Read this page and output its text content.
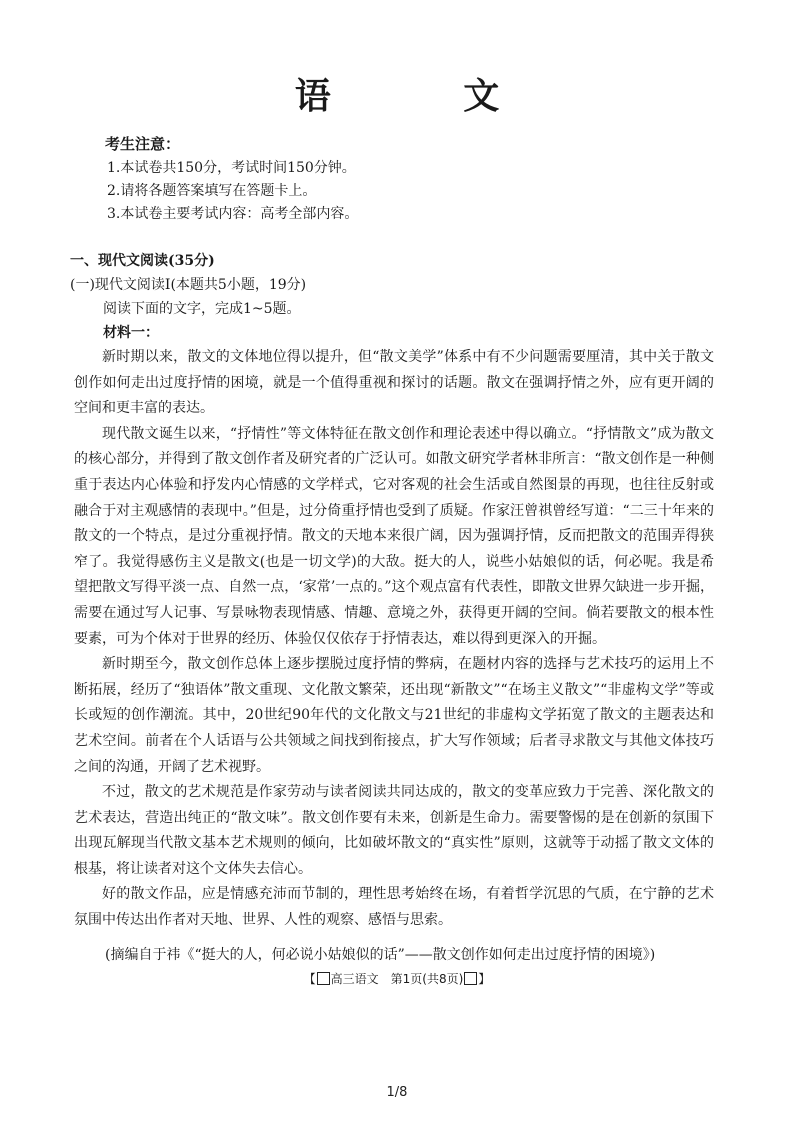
语 文
考生注意：
1.本试卷共150分，考试时间150分钟。
2.请将各题答案填写在答题卡上。
3.本试卷主要考试内容：高考全部内容。
一、现代文阅读(35分)
(一)现代文阅读Ⅰ(本题共5小题，19分)
阅读下面的文字，完成1~5题。
材料一：

新时期以来，散文的文体地位得以提升，但“散文美学”体系中有不少问题需要厘清，其中关于散文创作如何走出过度抒情的困境，就是一个值得重视和探讨的话题。散文在强调抒情之外，应有更开阔的空间和更丰富的表达。

现代散文诞生以来，“抒情性”等文体特征在散文创作和理论表述中得以确立。“抒情散文”成为散文的核心部分，并得到了散文创作者及研究者的广泛认可。如散文研究学者林非所言：“散文创作是一种侧重于表达内心体验和抒发内心情感的文学样式，它对客观的社会生活或自然图景的再现，也往往反射或融合于对主观感情的表现中。”但是，过分倚重抒情也受到了质疑。作家汪曾祺曾经写道：“二三十年来的散文的一个特点，是过分重视抒情。散文的天地本来很广阔，因为强调抒情，反而把散文的范围弄得狭窄了。我觉得感伤主义是散文(也是一切文学)的大敌。挺大的人，说些小姑娘似的话，何必呢。我是希望把散文写得平淡一点、自然一点，‘家常’一点的。”这个观点富有代表性，即散文世界欠缺进一步开掘，需要在通过写人记事、写景咏物表现情感、情趣、意境之外，获得更开阔的空间。倘若要散文的根本性要素，可为个体对于世界的经历、体验仅仅依存于抒情表达，难以得到更深入的开掘。

新时期至今，散文创作总体上逐步摆脱过度抒情的弊病，在题材内容的选择与艺术技巧的运用上不断拓展，经历了“独语体”散文重现、文化散文繁荣，还出现“新散文”“在场主义散文”“非虚构文学”等或长或短的创作潮流。其中，20世纪90年代的文化散文与21世纪的非虚构文学拓宽了散文的主题表达和艺术空间。前者在个人话语与公共领域之间找到衔接点，扩大写作领域；后者寻求散文与其他文体技巧之间的沟通，开阔了艺术视野。

不过，散文的艺术规范是作家劳动与读者阅读共同达成的，散文的变革应致力于完善、深化散文的艺术表达，营造出纯正的“散文味”。散文创作要有未来，创新是生命力。需要警惕的是在创新的氛围下出现瓦解现当代散文基本艺术规则的倾向，比如破坏散文的“真实性”原则，这就等于动摇了散文文体的根基，将让读者对这个文体失去信心。

好的散文作品，应是情感充沛而节制的，理性思考始终在场，有着哲学沉思的气质，在宁静的艺术氛围中传达出作者对天地、世界、人性的观察、感悟与思索。

(摘编自于祎《“挺大的人，何必说小姑娘似的话”——散文创作如何走出过度抒情的困境》)
【 高三语文　第1页(共8页) 】
1/8
